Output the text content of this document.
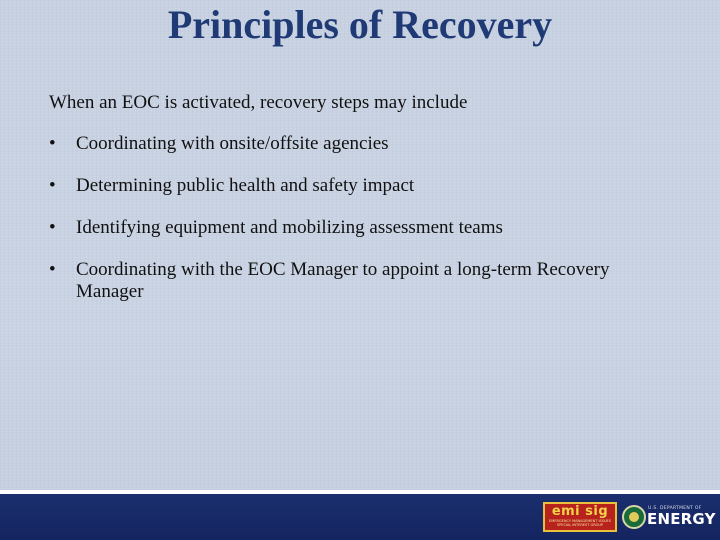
Principles of Recovery

When an EOC is activated, recovery steps may include

• Coordinating with onsite/offsite agencies
• Determining public health and safety impact
• Identifying equipment and mobilizing assessment teams
• Coordinating with the EOC Manager to appoint a long-term Recovery Manager
emi sig
EMERGENCY MANAGEMENT ISSUES SPECIAL INTEREST GROUP
U.S. DEPARTMENT OF
ENERGY
